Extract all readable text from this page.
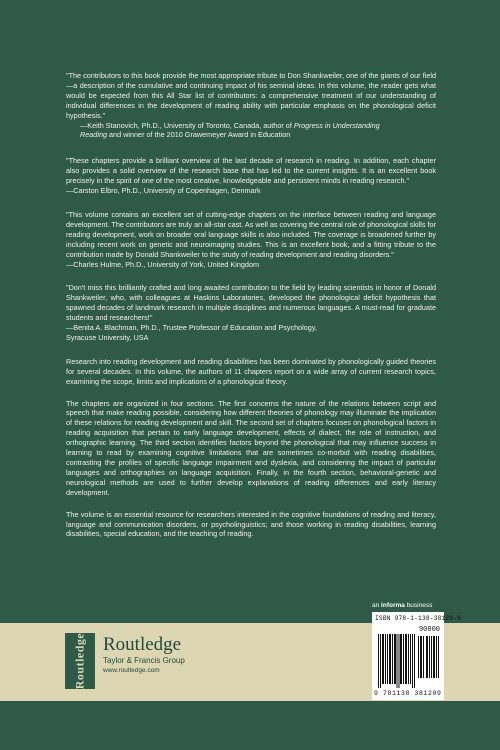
"The contributors to this book provide the most appropriate tribute to Don Shankweiler, one of the giants of our field—a description of the cumulative and continuing impact of his seminal ideas. In this volume, the reader gets what would be expected from this All Star list of contributors: a comprehensive treatment of our understanding of individual differences in the development of reading ability with particular emphasis on the phonological deficit hypothesis."

—Keith Stanovich, Ph.D., University of Toronto, Canada, author of Progress in Understanding
Reading and winner of the 2010 Grawemeyer Award in Education

"These chapters provide a brilliant overview of the last decade of research in reading. In addition, each chapter also provides a solid overview of the research base that has led to the current insights. It is an excellent book precisely in the spirit of one of the most creative, knowledgeable and persistent minds in reading research."

—Carston Elbro, Ph.D., University of Copenhagen, Denmark

"This volume contains an excellent set of cutting-edge chapters on the interface between reading and language development. The contributors are truly an all-star cast. As well as covering the central role of phonological skills for reading development, work on broader oral language skills is also included. The coverage is broadened further by including recent work on genetic and neuroimaging studies. This is an excellent book, and a fitting tribute to the contribution made by Donald Shankweiler to the study of reading development and reading disorders."

—Charles Hulme, Ph.D., University of York, United Kingdom

"Don't miss this brilliantly crafted and long awaited contribution to the field by leading scientists in honor of Donald Shankweiler, who, with colleagues at Haskins Laboratories, developed the phonological deficit hypothesis that spawned decades of landmark research in multiple disciplines and numerous languages. A must-read for graduate students and researchers!"

—Benita A. Blachman, Ph.D., Trustee Professor of Education and Psychology,

Syracuse University, USA

Research into reading development and reading disabilities has been dominated by phonologically guided theories for several decades. In this volume, the authors of 11 chapters report on a wide array of current research topics, examining the scope, limits and implications of a phonological theory.

The chapters are organized in four sections. The first concerns the nature of the relations between script and speech that make reading possible, considering how different theories of phonology may illuminate the implication of these relations for reading development and skill. The second set of chapters focuses on phonological factors in reading acquisition that pertain to early language development, effects of dialect, the role of instruction, and orthographic learning. The third section identifies factors beyond the phonological that may influence success in learning to read by examining cognitive limitations that are sometimes co-morbid with reading disabilities, contrasting the profiles of specific language impairment and dyslexia, and considering the impact of particular languages and orthographies on language acquisition. Finally, in the fourth section, behavioral-genetic and neurological methods are used to further develop explanations of reading differences and early literacy development.

The volume is an essential resource for researchers interested in the cognitive foundations of reading and literacy, language and communication disorders, or psycholinguistics; and those working in reading disabilities, learning disabilities, special education, and the teaching of reading.

Routledge Routledge
Taylor & Francis Group
www.routledge.com
an informa business
ISBN 978-1-138-38120-9
90000
9 781138 381209
